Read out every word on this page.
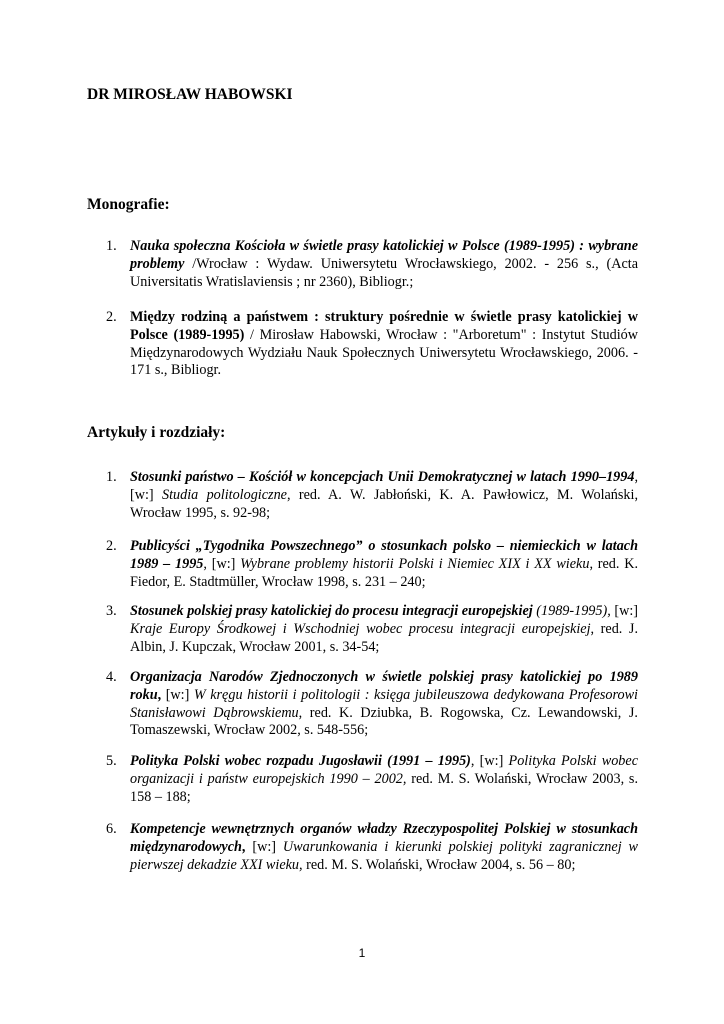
DR MIROSŁAW HABOWSKI
Monografie:
1. Nauka społeczna Kościoła w świetle prasy katolickiej w Polsce (1989-1995) : wybrane problemy /Wrocław : Wydaw. Uniwersytetu Wrocławskiego, 2002. - 256 s., (Acta Universitatis Wratislaviensis ; nr 2360), Bibliogr.;
2. Między rodziną a państwem : struktury pośrednie w świetle prasy katolickiej w Polsce (1989-1995) / Mirosław Habowski, Wrocław : "Arboretum" : Instytut Studiów Międzynarodowych Wydziału Nauk Społecznych Uniwersytetu Wrocławskiego, 2006. - 171 s., Bibliogr.
Artykuły i rozdziały:
1. Stosunki państwo – Kościół w koncepcjach Unii Demokratycznej w latach 1990–1994, [w:] Studia politologiczne, red. A. W. Jabłoński, K. A. Pawłowicz, M. Wolański, Wrocław 1995, s. 92-98;
2. Publicyści „Tygodnika Powszechnego” o stosunkach polsko – niemieckich w latach 1989 – 1995, [w:] Wybrane problemy historii Polski i Niemiec XIX i XX wieku, red. K. Fiedor, E. Stadtmüller, Wrocław 1998, s. 231 – 240;
3. Stosunek polskiej prasy katolickiej do procesu integracji europejskiej (1989-1995), [w:] Kraje Europy Środkowej i Wschodniej wobec procesu integracji europejskiej, red. J. Albin, J. Kupczak, Wrocław 2001, s. 34-54;
4. Organizacja Narodów Zjednoczonych w świetle polskiej prasy katolickiej po 1989 roku, [w:] W kręgu historii i politologii : księga jubileuszowa dedykowana Profesorowi Stanisławowi Dąbrowskiemu, red. K. Dziubka, B. Rogowska, Cz. Lewandowski, J. Tomaszewski, Wrocław 2002, s. 548-556;
5. Polityka Polski wobec rozpadu Jugosławii (1991 – 1995), [w:] Polityka Polski wobec organizacji i państw europejskich 1990 – 2002, red. M. S. Wolański, Wrocław 2003, s. 158 – 188;
6. Kompetencje wewnętrznych organów władzy Rzeczypospolitej Polskiej w stosunkach międzynarodowych, [w:] Uwarunkowania i kierunki polskiej polityki zagranicznej w pierwszej dekadzie XXI wieku, red. M. S. Wolański, Wrocław 2004, s. 56 – 80;
1
